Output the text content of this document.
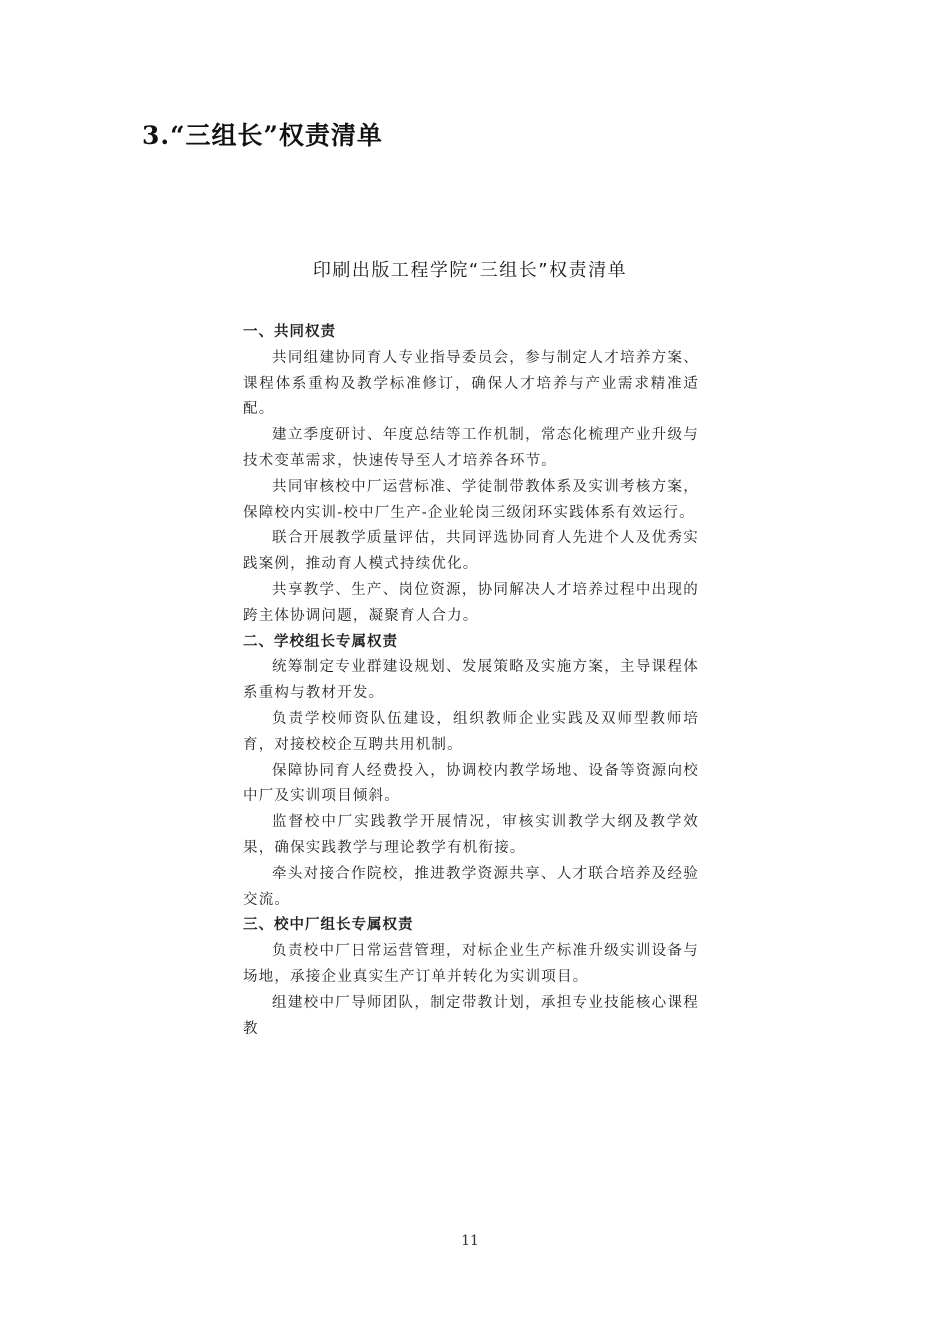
3.“三组长”权责清单
印刷出版工程学院“三组长”权责清单

一、共同权责

共同组建协同育人专业指导委员会，参与制定人才培养方案、课程体系重构及教学标准修订，确保人才培养与产业需求精准适配。

建立季度研讨、年度总结等工作机制，常态化梳理产业升级与技术变革需求，快速传导至人才培养各环节。

共同审核校中厂运营标准、学徒制带教体系及实训考核方案，保障校内实训-校中厂生产-企业轮岗三级闭环实践体系有效运行。

联合开展教学质量评估，共同评选协同育人先进个人及优秀实践案例，推动育人模式持续优化。

共享教学、生产、岗位资源，协同解决人才培养过程中出现的跨主体协调问题，凝聚育人合力。

二、学校组长专属权责

统筹制定专业群建设规划、发展策略及实施方案，主导课程体系重构与教材开发。

负责学校师资队伍建设，组织教师企业实践及双师型教师培育，对接校校企互聘共用机制。

保障协同育人经费投入，协调校内教学场地、设备等资源向校中厂及实训项目倾斜。

监督校中厂实践教学开展情况，审核实训教学大纲及教学效果，确保实践教学与理论教学有机衔接。

牵头对接合作院校，推进教学资源共享、人才联合培养及经验交流。

三、校中厂组长专属权责

负责校中厂日常运营管理，对标企业生产标准升级实训设备与场地，承接企业真实生产订单并转化为实训项目。

组建校中厂导师团队，制定带教计划，承担专业技能核心课程教

11
